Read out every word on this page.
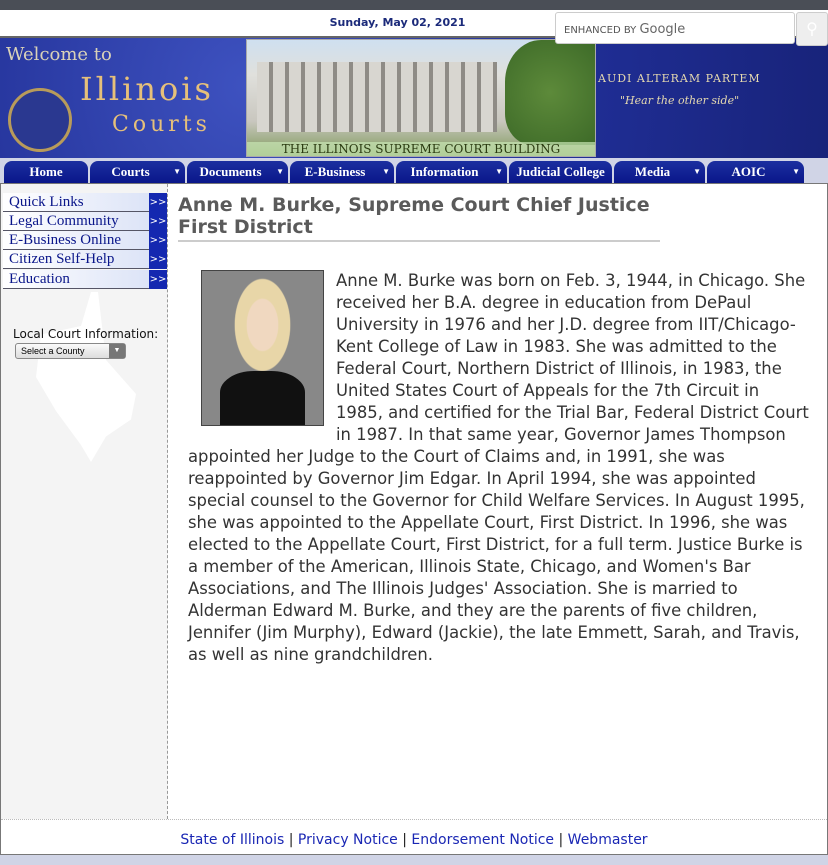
Sunday, May 02, 2021
ENHANCED BY Google	⚲
Welcome to
Illinois
Courts
THE ILLINOIS SUPREME COURT BUILDING
AUDI ALTERAM PARTEM
"Hear the other side"
Home	Courts	▼	Documents ▼	E-Business ▼	Information ▼	Judicial College	Media	▼	AOIC	▼
Quick Links	>>
Legal Community	>>
E-Business Online	>>
Citizen Self-Help	>>
Education	>>
Local Court Information:
Select a County	▼
Anne M. Burke, Supreme Court Chief Justice
First District
Anne M. Burke was born on Feb. 3, 1944, in Chicago. She received her B.A. degree in education from DePaul University in 1976 and her J.D. degree from IIT/Chicago-Kent College of Law in 1983. She was admitted to the Federal Court, Northern District of Illinois, in 1983, the United States Court of Appeals for the 7th Circuit in 1985, and certified for the Trial Bar, Federal District Court in 1987. In that same year, Governor James Thompson appointed her Judge to the Court of Claims and, in 1991, she was reappointed by Governor Jim Edgar. In April 1994, she was appointed special counsel to the Governor for Child Welfare Services. In August 1995, she was appointed to the Appellate Court, First District. In 1996, she was elected to the Appellate Court, First District, for a full term. Justice Burke is a member of the American, Illinois State, Chicago, and Women's Bar Associations, and The Illinois Judges' Association. She is married to Alderman Edward M. Burke, and they are the parents of five children, Jennifer (Jim Murphy), Edward (Jackie), the late Emmett, Sarah, and Travis, as well as nine grandchildren.
State of Illinois | Privacy Notice | Endorsement Notice | Webmaster
